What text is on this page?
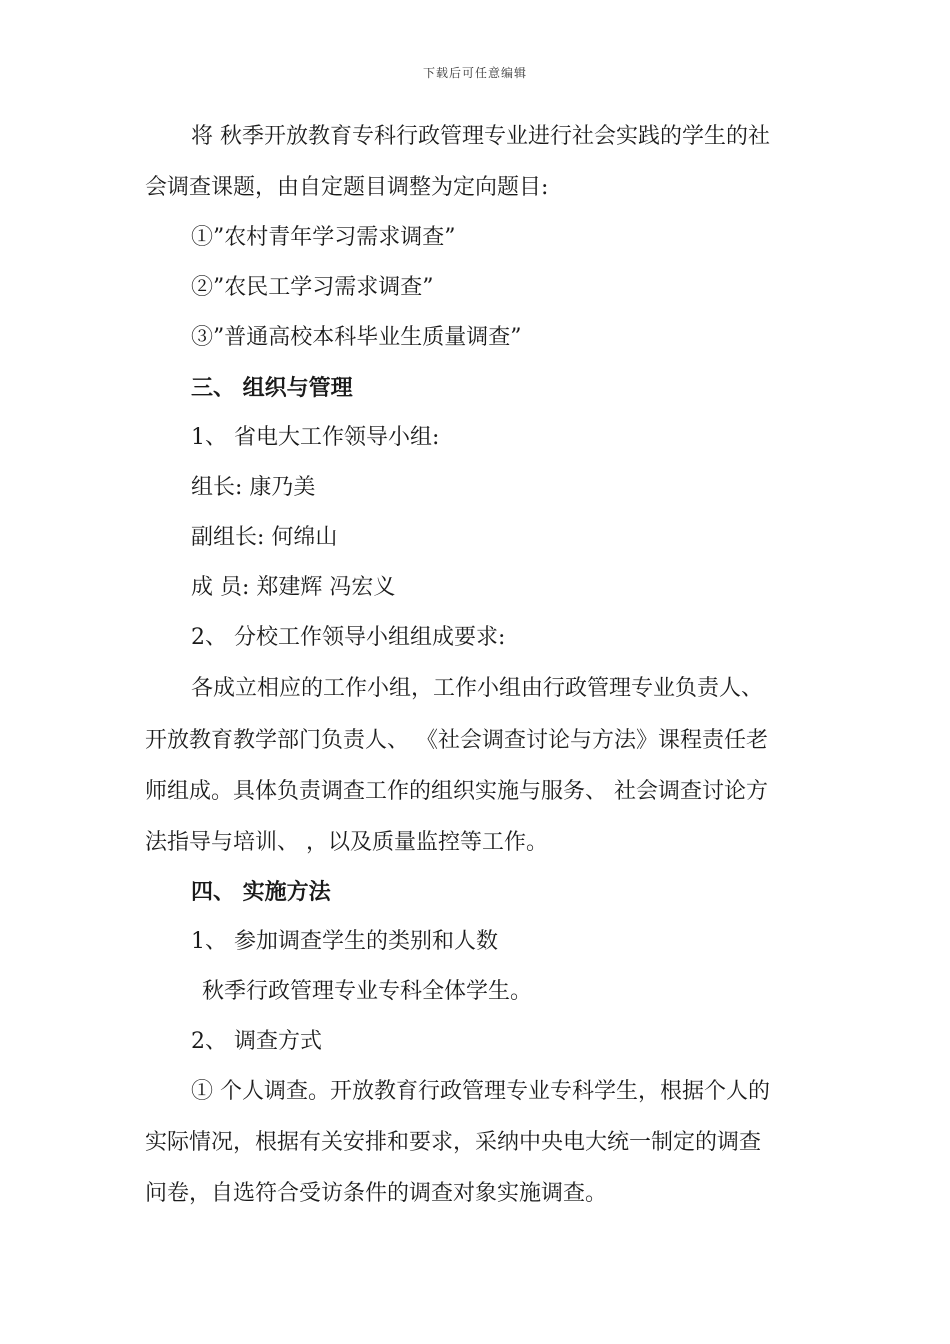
下载后可任意编辑
将 秋季开放教育专科行政管理专业进行社会实践的学生的社
会调查课题，由自定题目调整为定向题目:
①”农村青年学习需求调查”
②”农民工学习需求调查”
③”普通高校本科毕业生质量调查”
三、 组织与管理
1、 省电大工作领导小组:
组长: 康乃美
副组长: 何绵山
成 员: 郑建辉 冯宏义
2、 分校工作领导小组组成要求:
各成立相应的工作小组，工作小组由行政管理专业负责人、
开放教育教学部门负责人、 《社会调查讨论与方法》课程责任老
师组成。具体负责调查工作的组织实施与服务、 社会调查讨论方
法指导与培训、 ，以及质量监控等工作。
四、 实施方法
1、 参加调查学生的类别和人数
秋季行政管理专业专科全体学生。
2、 调查方式
① 个人调查。开放教育行政管理专业专科学生，根据个人的
实际情况，根据有关安排和要求，采纳中央电大统一制定的调查
问卷，自选符合受访条件的调查对象实施调查。
